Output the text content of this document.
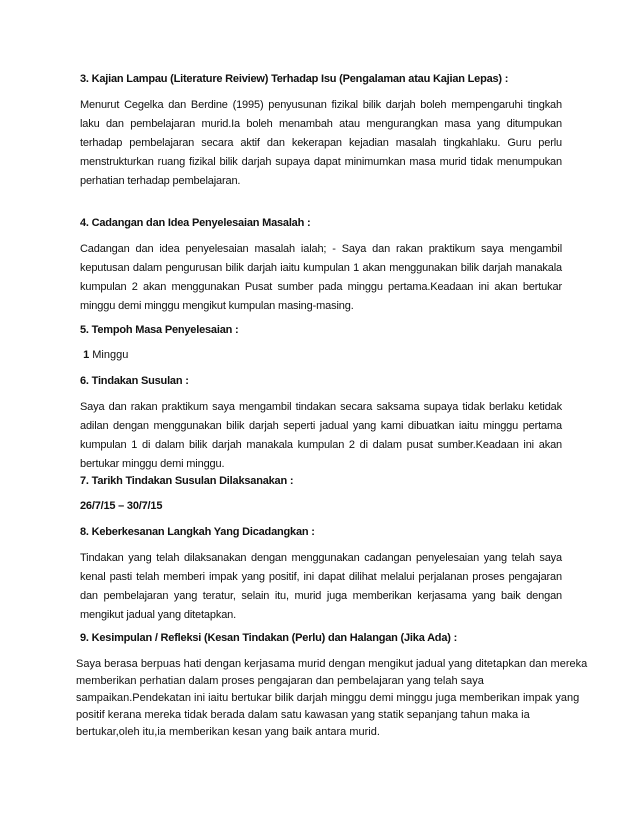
3. Kajian Lampau (Literature Reiview) Terhadap Isu (Pengalaman atau Kajian Lepas) :

Menurut Cegelka dan Berdine (1995) penyusunan fizikal bilik darjah boleh mempengaruhi tingkah laku dan pembelajaran murid.Ia boleh menambah atau mengurangkan masa yang ditumpukan terhadap pembelajaran secara aktif dan kekerapan kejadian masalah tingkahlaku. Guru perlu menstrukturkan ruang fizikal bilik darjah supaya dapat minimumkan masa murid tidak menumpukan perhatian terhadap pembelajaran.

4. Cadangan dan Idea Penyelesaian Masalah :

Cadangan dan idea penyelesaian masalah ialah; - Saya dan rakan praktikum saya mengambil keputusan dalam pengurusan bilik darjah iaitu kumpulan 1 akan menggunakan bilik darjah manakala kumpulan 2 akan menggunakan Pusat sumber pada minggu pertama.Keadaan ini akan bertukar minggu demi minggu mengikut kumpulan masing-masing.

5. Tempoh Masa Penyelesaian :

1 Minggu

6. Tindakan Susulan :

Saya dan rakan praktikum saya mengambil tindakan secara saksama supaya tidak berlaku ketidak adilan dengan menggunakan bilik darjah seperti jadual yang kami dibuatkan iaitu minggu pertama kumpulan 1 di dalam bilik darjah manakala kumpulan 2 di dalam pusat sumber.Keadaan ini akan bertukar minggu demi minggu.

7. Tarikh Tindakan Susulan Dilaksanakan :

26/7/15 – 30/7/15

8. Keberkesanan Langkah Yang Dicadangkan :

Tindakan yang telah dilaksanakan dengan menggunakan cadangan penyelesaian yang telah saya kenal pasti telah memberi impak yang positif, ini dapat dilihat melalui perjalanan proses pengajaran dan pembelajaran yang teratur, selain itu, murid juga memberikan kerjasama yang baik dengan mengikut jadual yang ditetapkan.

9. Kesimpulan / Refleksi (Kesan Tindakan (Perlu) dan Halangan (Jika Ada) :

Saya berasa berpuas hati dengan kerjasama murid dengan mengikut jadual yang ditetapkan dan mereka

memberikan perhatian dalam proses pengajaran dan pembelajaran yang telah saya

sampaikan.Pendekatan ini iaitu bertukar bilik darjah minggu demi minggu juga memberikan impak yang

positif kerana mereka tidak berada dalam satu kawasan yang statik sepanjang tahun maka ia

bertukar,oleh itu,ia memberikan kesan yang baik antara murid.
